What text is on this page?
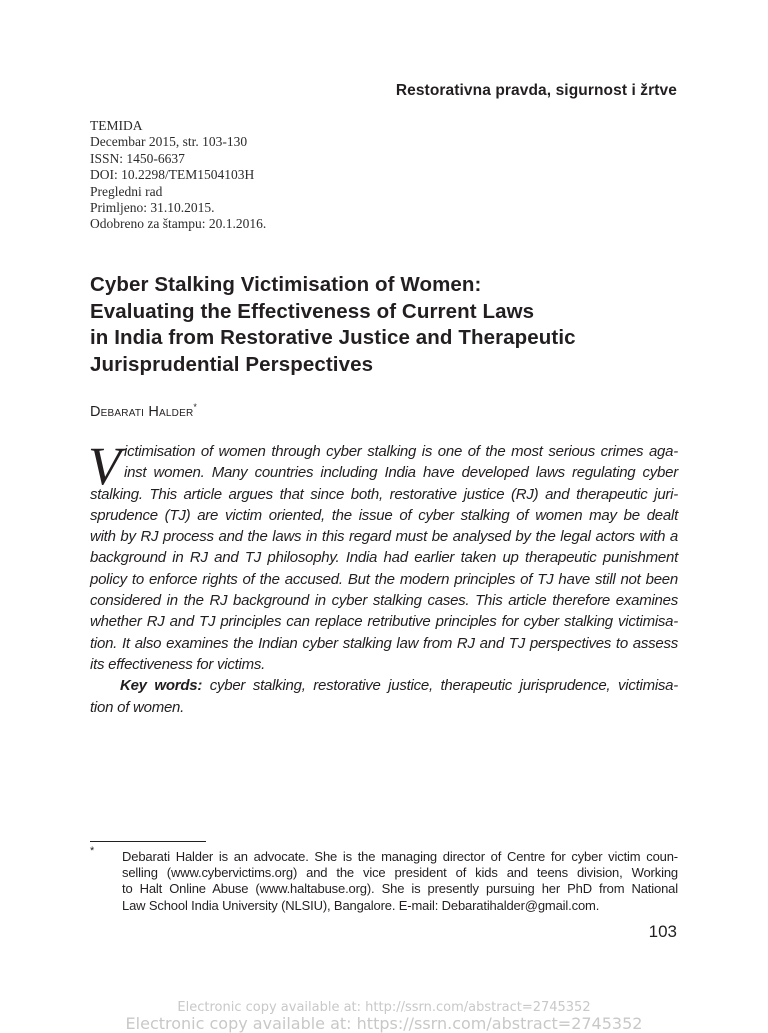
Restorativna pravda, sigurnost i žrtve
TEMIDA
Decembar 2015, str. 103-130
ISSN: 1450-6637
DOI: 10.2298/TEM1504103H
Pregledni rad
Primljeno: 31.10.2015.
Odobreno za štampu: 20.1.2016.
Cyber Stalking Victimisation of Women:
Evaluating the Effectiveness of Current Laws
in India from Restorative Justice and Therapeutic
Jurisprudential Perspectives
Debarati Halder*
V ictimisation of women through cyber stalking is one of the most serious crimes aga-
inst women. Many countries including India have developed laws regulating cyber
stalking. This article argues that since both, restorative justice (RJ) and therapeutic juri-
sprudence (TJ) are victim oriented, the issue of cyber stalking of women may be dealt
with by RJ process and the laws in this regard must be analysed by the legal actors with a
background in RJ and TJ philosophy. India had earlier taken up therapeutic punishment
policy to enforce rights of the accused. But the modern principles of TJ have still not been
considered in the RJ background in cyber stalking cases. This article therefore examines
whether RJ and TJ principles can replace retributive principles for cyber stalking victimisa-
tion. It also examines the Indian cyber stalking law from RJ and TJ perspectives to assess
its effectiveness for victims.
Key words: cyber stalking, restorative justice, therapeutic jurisprudence, victimisa-
tion of women.
* Debarati Halder is an advocate. She is the managing director of Centre for cyber victim coun-
selling (www.cybervictims.org) and the vice president of kids and teens division, Working
to Halt Online Abuse (www.haltabuse.org). She is presently pursuing her PhD from National
Law School India University (NLSIU), Bangalore. E-mail: Debaratihalder@gmail.com.
103
Electronic copy available at: http://ssrn.com/abstract=2745352
Electronic copy available at: https://ssrn.com/abstract=2745352
